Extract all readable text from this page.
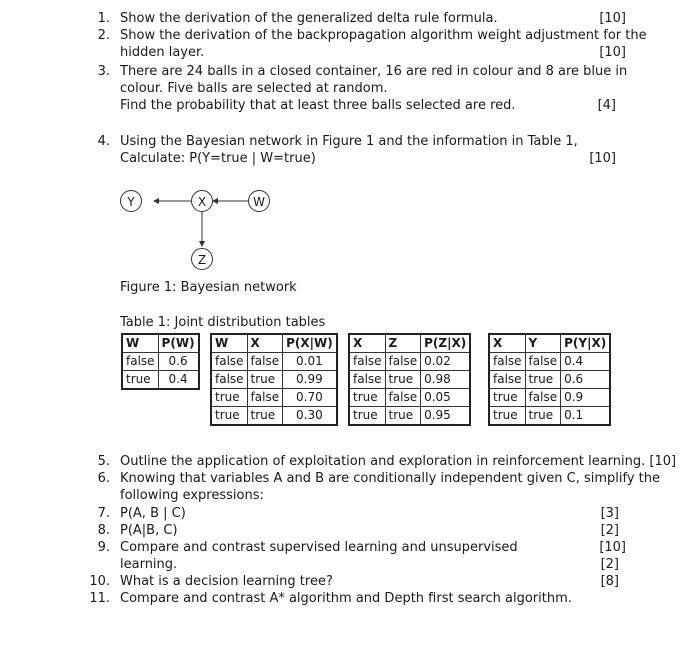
1. Show the derivation of the generalized delta rule formula.	[10]
2. Show the derivation of the backpropagation algorithm weight adjustment for the
hidden layer.	[10]
3. There are 24 balls in a closed container, 16 are red in colour and 8 are blue in
colour. Five balls are selected at random.
Find the probability that at least three balls selected are red.	[4]
4. Using the Bayesian network in Figure 1 and the information in Table 1,
Calculate: P(Y=true | W=true)	[10]
Y	X	W
Z
Figure 1: Bayesian network
Table 1: Joint distribution tables
W	P(W)
false	0.6
true	0.4
W	X	P(X|W)
false	false	0.01
false	true	0.99
true	false	0.70
true	true	0.30
X	Z	P(Z|X)
false	false	0.02
false	true	0.98
true	false	0.05
true	true	0.95
X	Y	P(Y|X)
false	false	0.4
false	true	0.6
true	false	0.9
true	true	0.1
5. Outline the application of exploitation and exploration in reinforcement learning. [10]
6. Knowing that variables A and B are conditionally independent given C, simplify the
following expressions:
7. P(A, B | C)	[3]
8. P(A|B, C)	[2]
9. Compare and contrast supervised learning and unsupervised
learning.
[10]
[2]
10. What is a decision learning tree?	[8]
11. Compare and contrast A* algorithm and Depth first search algorithm.
